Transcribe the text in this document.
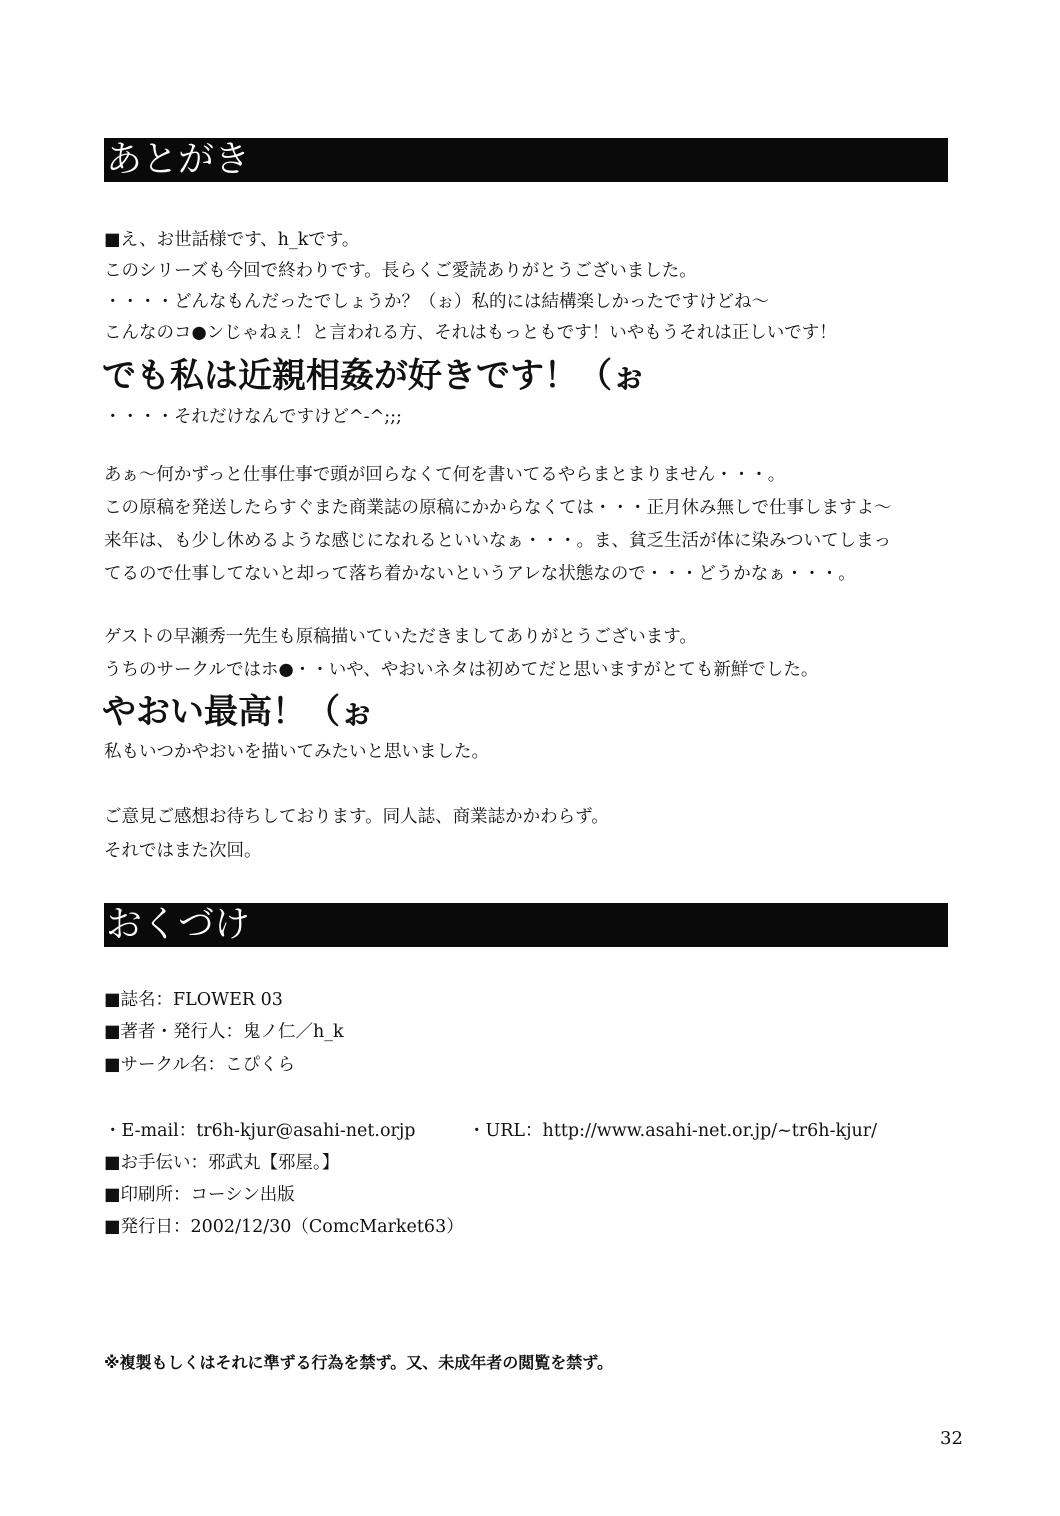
あとがき
■え、お世話様です、h_kです。
このシリーズも今回で終わりです。長らくご愛読ありがとうございました。
・・・・どんなもんだったでしょうか？（ぉ）私的には結構楽しかったですけどね～
こんなのコ●ンじゃねぇ！と言われる方、それはもっともです！いやもうそれは正しいです！
でも私は近親相姦が好きです！（ぉ
・・・・それだけなんですけど^-^;;;
あぁ～何かずっと仕事仕事で頭が回らなくて何を書いてるやらまとまりません・・・。
この原稿を発送したらすぐまた商業誌の原稿にかからなくては・・・正月休み無しで仕事しますよ～
来年は、も少し休めるような感じになれるといいなぁ・・・。ま、貧乏生活が体に染みついてしまっ
てるので仕事してないと却って落ち着かないというアレな状態なので・・・どうかなぁ・・・。
ゲストの早瀬秀一先生も原稿描いていただきましてありがとうございます。
うちのサークルではホ●・・いや、やおいネタは初めてだと思いますがとても新鮮でした。
やおい最高！（ぉ
私もいつかやおいを描いてみたいと思いました。
ご意見ご感想お待ちしております。同人誌、商業誌かかわらず。
それではまた次回。
おくづけ
■誌名：FLOWER 03
■著者・発行人：鬼ノ仁／h_k
■サークル名：こぴくら
・E-mail：tr6h-kjur@asahi-net.orjp	・URL：http://www.asahi-net.or.jp/~tr6h-kjur/
■お手伝い：邪武丸【邪屋。】
■印刷所：コーシン出版
■発行日：2002/12/30（ComcMarket63）
※複製もしくはそれに準ずる行為を禁ず。又、未成年者の閲覧を禁ず。
32
